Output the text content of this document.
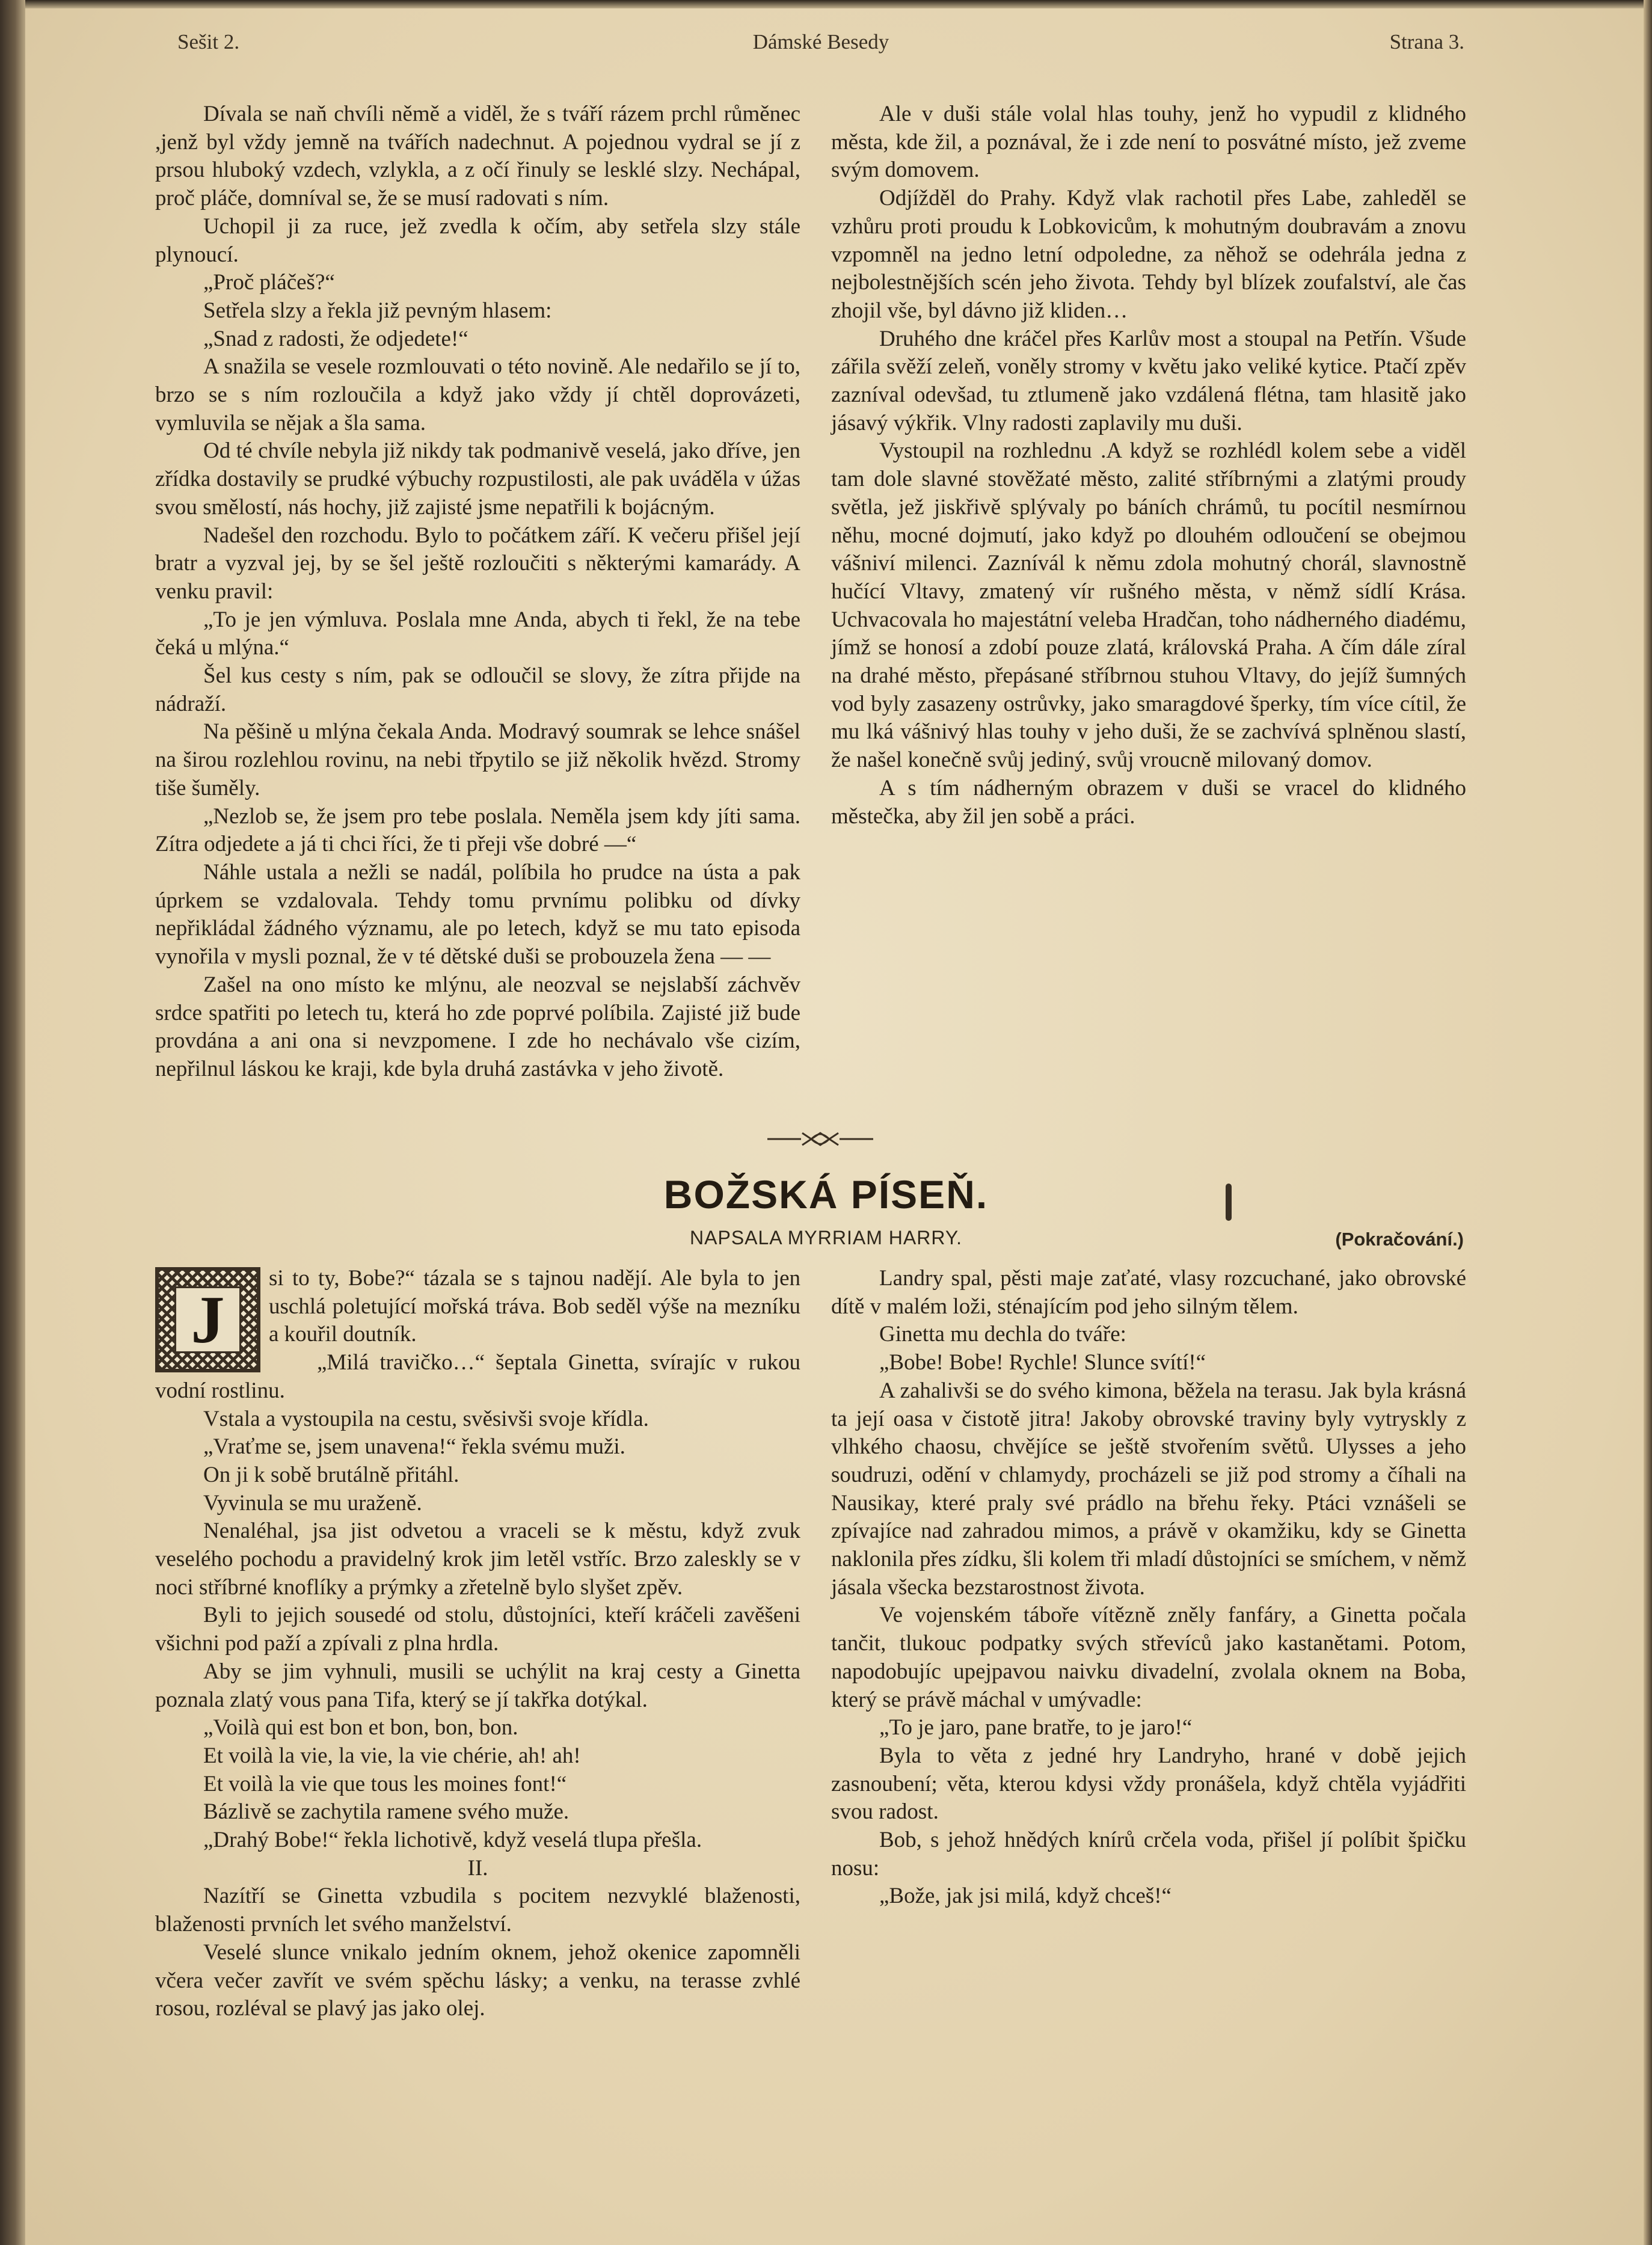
Dámské Besedy
Sešit 2.	Strana 3.

Dívala se naň chvíli němě a viděl, že s tváří rázem prchl růměnec ,jenž byl vždy jemně na tvářích nadechnut. A pojednou vydral se jí z prsou hluboký vzdech, vzlykla, a z očí řinuly se lesklé slzy. Nechápal, proč pláče, domníval se, že se musí radovati s ním.

Uchopil ji za ruce, jež zvedla k očím, aby setřela slzy stále plynoucí.

„Proč pláčeš?“

Setřela slzy a řekla již pevným hlasem:

„Snad z radosti, že odjedete!“

A snažila se vesele rozmlouvati o této novině. Ale nedařilo se jí to, brzo se s ním rozloučila a když jako vždy jí chtěl doprovázeti, vymluvila se nějak a šla sama.

Od té chvíle nebyla již nikdy tak podmanivě veselá, jako dříve, jen zřídka dostavily se prudké výbuchy rozpustilosti, ale pak uváděla v úžas svou smělostí, nás hochy, již zajisté jsme nepatřili k bojácným.

Nadešel den rozchodu. Bylo to počátkem září. K večeru přišel její bratr a vyzval jej, by se šel ještě rozloučiti s některými kamarády. A venku pravil:

„To je jen výmluva. Poslala mne Anda, abych ti řekl, že na tebe čeká u mlýna.“

Šel kus cesty s ním, pak se odloučil se slovy, že zítra přijde na nádraží.

Na pěšině u mlýna čekala Anda. Modravý soumrak se lehce snášel na širou rozlehlou rovinu, na nebi třpytilo se již několik hvězd. Stromy tiše šuměly.

„Nezlob se, že jsem pro tebe poslala. Neměla jsem kdy jíti sama. Zítra odjedete a já ti chci říci, že ti přeji vše dobré —“

Náhle ustala a nežli se nadál, políbila ho prudce na ústa a pak úprkem se vzdalovala. Tehdy tomu prvnímu polibku od dívky nepřikládal žádného významu, ale po letech, když se mu tato episoda vynořila v mysli poznal, že v té dětské duši se probouzela žena — —

Zašel na ono místo ke mlýnu, ale neozval se nejslabší záchvěv srdce spatřiti po letech tu, která ho zde poprvé políbila. Zajisté již bude provdána a ani ona si nevzpomene. I zde ho nechávalo vše cizím, nepřilnul láskou ke kraji, kde byla druhá zastávka v jeho životě.

Ale v duši stále volal hlas touhy, jenž ho vypudil z klidného města, kde žil, a poznával, že i zde není to posvátné místo, jež zveme svým domovem.

Odjížděl do Prahy. Když vlak rachotil přes Labe, zahleděl se vzhůru proti proudu k Lobkovicům, k mohutným doubravám a znovu vzpomněl na jedno letní odpoledne, za něhož se odehrála jedna z nejbolestnějších scén jeho života. Tehdy byl blízek zoufalství, ale čas zhojil vše, byl dávno již kliden…

Druhého dne kráčel přes Karlův most a stoupal na Petřín. Všude zářila svěží zeleň, voněly stromy v květu jako veliké kytice. Ptačí zpěv zazníval odevšad, tu ztlumeně jako vzdálená flétna, tam hlasitě jako jásavý výkřik. Vlny radosti zaplavily mu duši.

Vystoupil na rozhlednu .A když se rozhlédl kolem sebe a viděl tam dole slavné stověžaté město, zalité stříbrnými a zlatými proudy světla, jež jiskřivě splývaly po báních chrámů, tu pocítil nesmírnou něhu, mocné dojmutí, jako když po dlouhém odloučení se obejmou vášniví milenci. Zaznívál k němu zdola mohutný chorál, slavnostně hučící Vltavy, zmatený vír rušného města, v němž sídlí Krása. Uchvacovala ho majestátní veleba Hradčan, toho nádherného diadému, jímž se honosí a zdobí pouze zlatá, královská Praha. A čím dále zíral na drahé město, přepásané stříbrnou stuhou Vltavy, do jejíž šumných vod byly zasazeny ostrůvky, jako smaragdové šperky, tím více cítil, že mu lká vášnivý hlas touhy v jeho duši, že se zachvívá splněnou slastí, že našel konečně svůj jediný, svůj vroucně milovaný domov.

A s tím nádherným obrazem v duši se vracel do klidného městečka, aby žil jen sobě a práci.

BOŽSKÁ PÍSEŇ.
NAPSALA MYRRIAM HARRY.	(Pokračování.)

J
si to ty, Bobe?“ tázala se s tajnou nadějí. Ale byla to jen uschlá poletující mořská tráva. Bob seděl výše na mezníku a kouřil doutník.

„Milá travičko…“ šeptala Ginetta, svírajíc v rukou vodní rostlinu.

Vstala a vystoupila na cestu, svěsivši svoje křídla.

„Vraťme se, jsem unavena!“ řekla svému muži.

On ji k sobě brutálně přitáhl.

Vyvinula se mu uraženě.

Nenaléhal, jsa jist odvetou a vraceli se k městu, když zvuk veselého pochodu a pravidelný krok jim letěl vstříc. Brzo zaleskly se v noci stříbrné knoflíky a prýmky a zřetelně bylo slyšet zpěv.

Byli to jejich sousedé od stolu, důstojníci, kteří kráčeli zavěšeni všichni pod paží a zpívali z plna hrdla.

Aby se jim vyhnuli, musili se uchýlit na kraj cesty a Ginetta poznala zlatý vous pana Tifa, který se jí takřka dotýkal.

„Voilà qui est bon et bon, bon, bon.

Et voilà la vie, la vie, la vie chérie, ah! ah!

Et voilà la vie que tous les moines font!“

Bázlivě se zachytila ramene svého muže.

„Drahý Bobe!“ řekla lichotivě, když veselá tlupa přešla.

II.

Nazítří se Ginetta vzbudila s pocitem nezvyklé blaženosti, blaženosti prvních let svého manželství.

Veselé slunce vnikalo jedním oknem, jehož okenice zapomněli včera večer zavřít ve svém spěchu lásky; a venku, na terasse zvhlé rosou, rozléval se plavý jas jako olej.

Landry spal, pěsti maje zaťaté, vlasy rozcuchané, jako obrovské dítě v malém loži, sténajícím pod jeho silným tělem.

Ginetta mu dechla do tváře:

„Bobe! Bobe! Rychle! Slunce svítí!“

A zahalivši se do svého kimona, běžela na terasu. Jak byla krásná ta její oasa v čistotě jitra! Jakoby obrovské traviny byly vytryskly z vlhkého chaosu, chvějíce se ještě stvořením světů. Ulysses a jeho soudruzi, odění v chlamydy, procházeli se již pod stromy a číhali na Nausikay, které praly své prádlo na břehu řeky. Ptáci vznášeli se zpívajíce nad zahradou mimos, a právě v okamžiku, kdy se Ginetta naklonila přes zídku, šli kolem tři mladí důstojníci se smíchem, v němž jásala všecka bezstarostnost života.

Ve vojenském táboře vítězně zněly fanfáry, a Ginetta počala tančit, tlukouc podpatky svých střevíců jako kastanětami. Potom, napodobujíc upejpavou naivku divadelní, zvolala oknem na Boba, který se právě máchal v umývadle:

„To je jaro, pane bratře, to je jaro!“

Byla to věta z jedné hry Landryho, hrané v době jejich zasnoubení; věta, kterou kdysi vždy pronášela, když chtěla vyjádřiti svou radost.

Bob, s jehož hnědých knírů crčela voda, přišel jí políbit špičku nosu:

„Bože, jak jsi milá, když chceš!“
